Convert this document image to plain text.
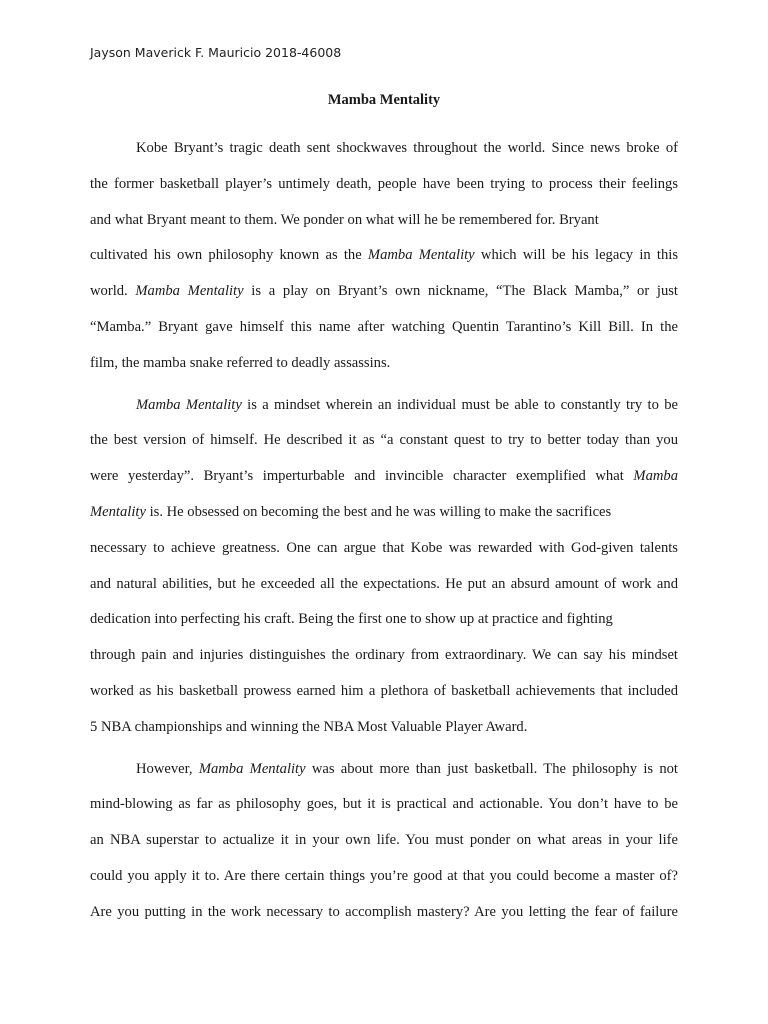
Jayson Maverick F. Mauricio 2018-46008
Mamba Mentality
Kobe Bryant’s tragic death sent shockwaves throughout the world. Since news broke of
the former basketball player’s untimely death, people have been trying to process their feelings
and what Bryant meant to them. We ponder on what will he be remembered for. Bryant
cultivated his own philosophy known as the Mamba Mentality which will be his legacy in this
world. Mamba Mentality is a play on Bryant’s own nickname, “The Black Mamba,” or just
“Mamba.” Bryant gave himself this name after watching Quentin Tarantino’s Kill Bill. In the
film, the mamba snake referred to deadly assassins.
Mamba Mentality is a mindset wherein an individual must be able to constantly try to be
the best version of himself. He described it as “a constant quest to try to better today than you
were yesterday”. Bryant’s imperturbable and invincible character exemplified what Mamba
Mentality is. He obsessed on becoming the best and he was willing to make the sacrifices
necessary to achieve greatness. One can argue that Kobe was rewarded with God-given talents
and natural abilities, but he exceeded all the expectations. He put an absurd amount of work and
dedication into perfecting his craft. Being the first one to show up at practice and fighting
through pain and injuries distinguishes the ordinary from extraordinary. We can say his mindset
worked as his basketball prowess earned him a plethora of basketball achievements that included
5 NBA championships and winning the NBA Most Valuable Player Award.
However, Mamba Mentality was about more than just basketball. The philosophy is not
mind-blowing as far as philosophy goes, but it is practical and actionable. You don’t have to be
an NBA superstar to actualize it in your own life. You must ponder on what areas in your life
could you apply it to. Are there certain things you’re good at that you could become a master of?
Are you putting in the work necessary to accomplish mastery? Are you letting the fear of failure
